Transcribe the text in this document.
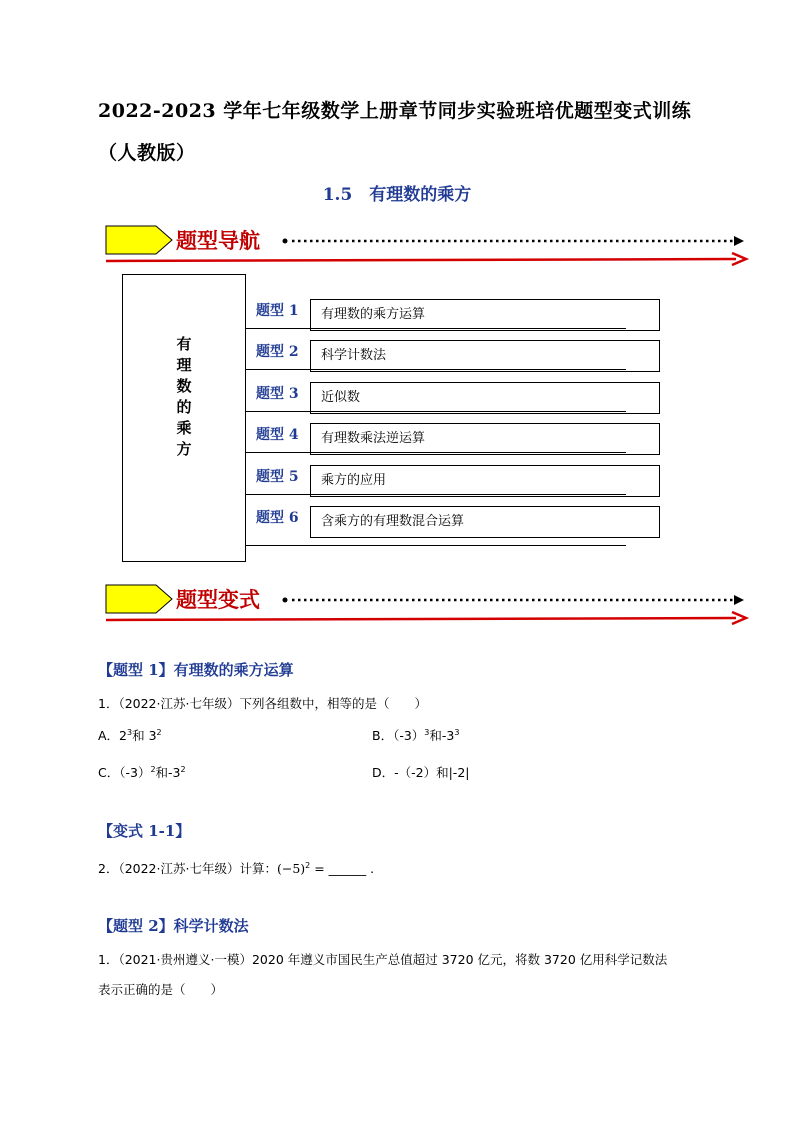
2022-2023 学年七年级数学上册章节同步实验班培优题型变式训练（人教版）
1.5　有理数的乘方
题型导航
有
理
数
的
乘
方
题型 1	有理数的乘方运算
题型 2	科学计数法
题型 3	近似数
题型 4	有理数乘法逆运算
题型 5	乘方的应用
题型 6	含乘方的有理数混合运算
题型变式
【题型 1】有理数的乘方运算
1．（2022·江苏·七年级）下列各组数中，相等的是（　　）
A．$2^3$和 $3^2$	B．$(-3)^3$和$-3^3$
C．$(-3)^2$和$-3^2$	D．-（-2）和|-2|
【变式 1-1】
2．（2022·江苏·七年级）计算：$(-5)^2$ = ______ .
【题型 2】科学计数法
1．（2021·贵州遵义·一模）2020 年遵义市国民生产总值超过 3720 亿元，将数 3720 亿用科学记数法
表示正确的是（　　）
